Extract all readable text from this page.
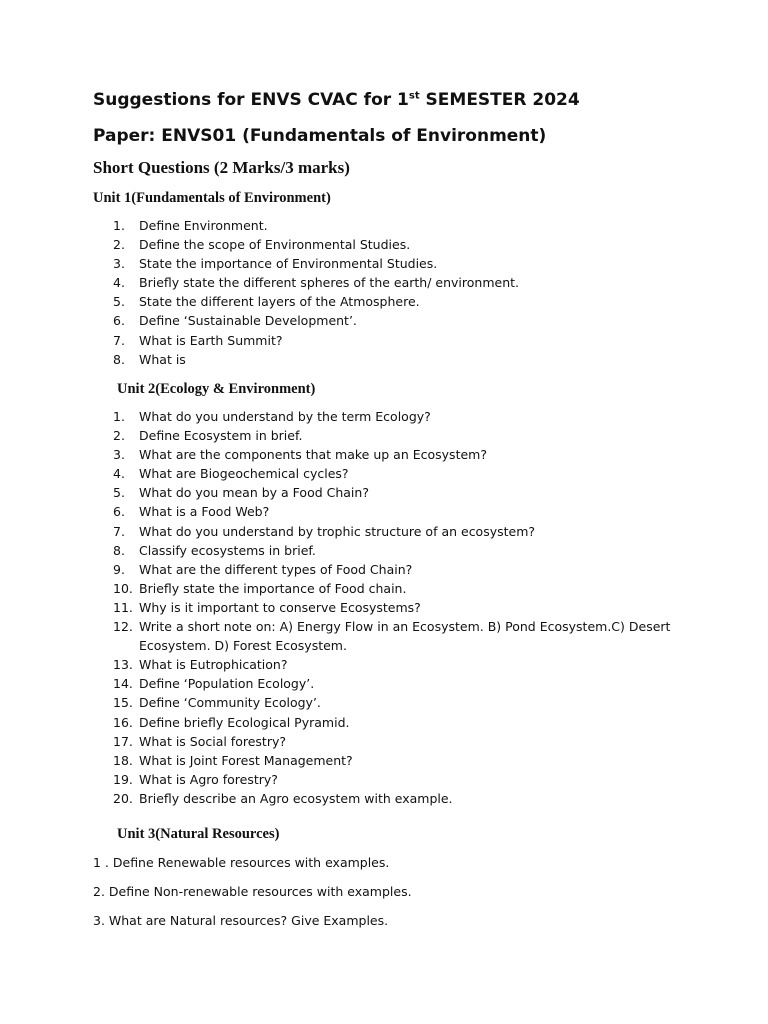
Suggestions for ENVS CVAC for 1st SEMESTER 2024
Paper: ENVS01 (Fundamentals of Environment)
Short Questions (2 Marks/3 marks)
Unit 1(Fundamentals of Environment)
1. Define Environment.
2. Define the scope of Environmental Studies.
3. State the importance of Environmental Studies.
4. Briefly state the different spheres of the earth/ environment.
5. State the different layers of the Atmosphere.
6. Define ‘Sustainable Development’.
7. What is Earth Summit?
8. What is
Unit 2(Ecology & Environment)
1. What do you understand by the term Ecology?
2. Define Ecosystem in brief.
3. What are the components that make up an Ecosystem?
4. What are Biogeochemical cycles?
5. What do you mean by a Food Chain?
6. What is a Food Web?
7. What do you understand by trophic structure of an ecosystem?
8. Classify ecosystems in brief.
9. What are the different types of Food Chain?
10. Briefly state the importance of Food chain.
11. Why is it important to conserve Ecosystems?
12. Write a short note on: A) Energy Flow in an Ecosystem. B) Pond Ecosystem.C) Desert Ecosystem. D) Forest Ecosystem.
13. What is Eutrophication?
14. Define ‘Population Ecology’.
15. Define ‘Community Ecology’.
16. Define briefly Ecological Pyramid.
17. What is Social forestry?
18. What is Joint Forest Management?
19. What is Agro forestry?
20. Briefly describe an Agro ecosystem with example.
Unit 3(Natural Resources)

1 . Define Renewable resources with examples.

2. Define Non-renewable resources with examples.

3. What are Natural resources? Give Examples.
